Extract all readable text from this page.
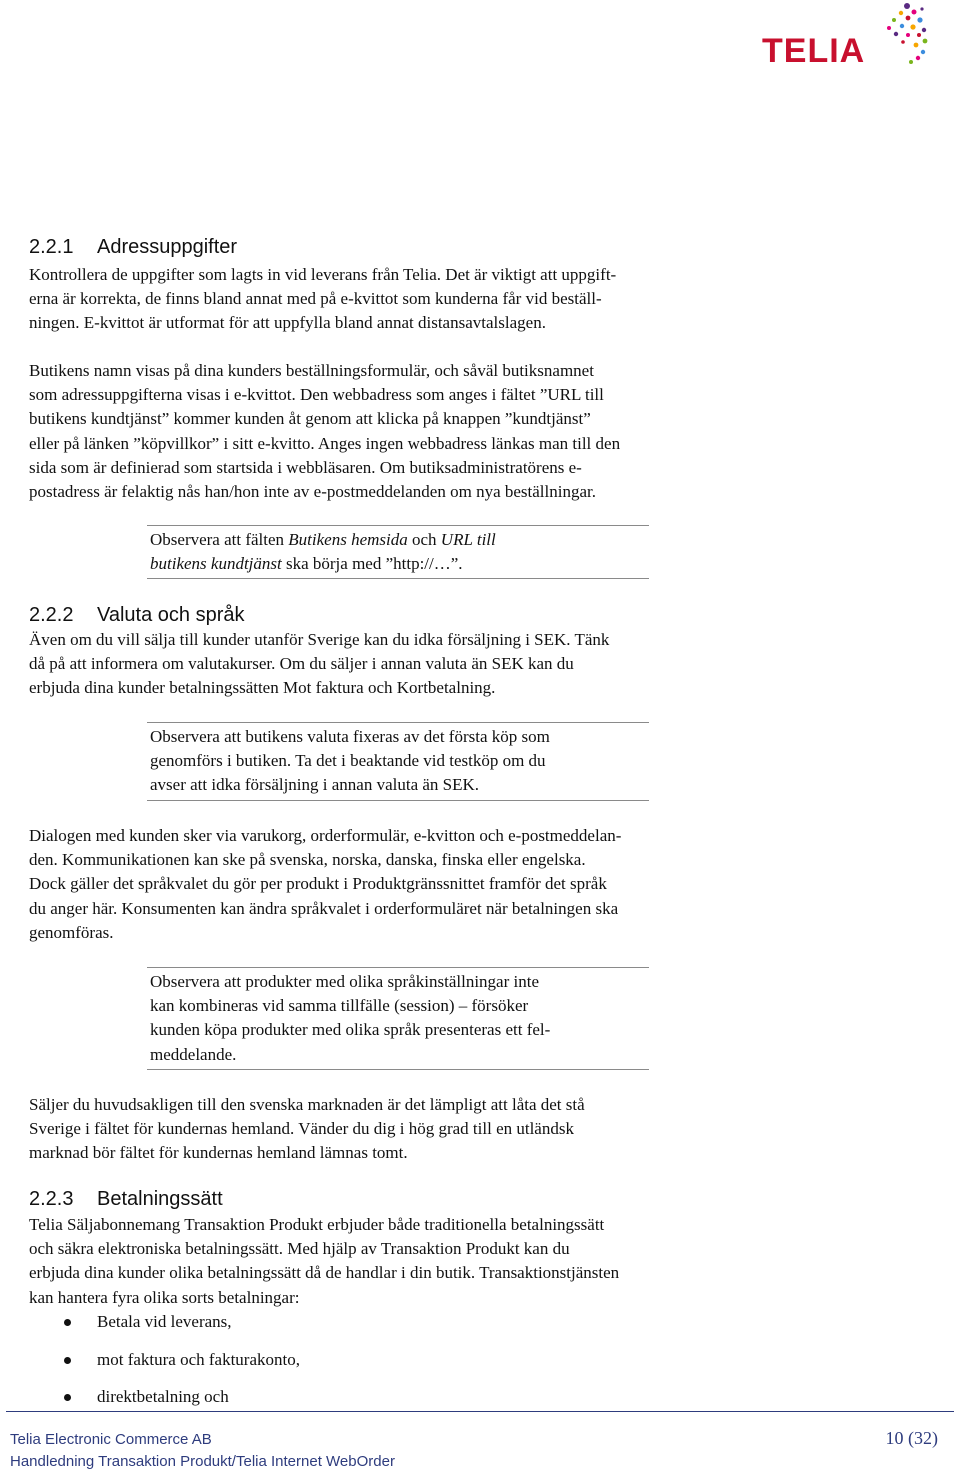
TELIA
2.2.1 Adressuppgifter
Kontrollera de uppgifter som lagts in vid leverans från Telia. Det är viktigt att uppgift-
erna är korrekta, de finns bland annat med på e-kvittot som kunderna får vid beställ-
ningen. E-kvittot är utformat för att uppfylla bland annat distansavtalslagen.
Butikens namn visas på dina kunders beställningsformulär, och såväl butiksnamnet
som adressuppgifterna visas i e-kvittot. Den webbadress som anges i fältet ”URL till
butikens kundtjänst” kommer kunden åt genom att klicka på knappen ”kundtjänst”
eller på länken ”köpvillkor” i sitt e-kvitto. Anges ingen webbadress länkas man till den
sida som är definierad som startsida i webbläsaren. Om butiksadministratörens e-
postadress är felaktig nås han/hon inte av e-postmeddelanden om nya beställningar.
Observera att fälten Butikens hemsida och URL till
butikens kundtjänst ska börja med ”http://…”.
2.2.2 Valuta och språk
Även om du vill sälja till kunder utanför Sverige kan du idka försäljning i SEK. Tänk
då på att informera om valutakurser. Om du säljer i annan valuta än SEK kan du
erbjuda dina kunder betalningssätten Mot faktura och Kortbetalning.
Observera att butikens valuta fixeras av det första köp som
genomförs i butiken. Ta det i beaktande vid testköp om du
avser att idka försäljning i annan valuta än SEK.
Dialogen med kunden sker via varukorg, orderformulär, e-kvitton och e-postmeddelan-
den. Kommunikationen kan ske på svenska, norska, danska, finska eller engelska.
Dock gäller det språkvalet du gör per produkt i Produktgränssnittet framför det språk
du anger här. Konsumenten kan ändra språkvalet i orderformuläret när betalningen ska
genomföras.
Observera att produkter med olika språkinställningar inte
kan kombineras vid samma tillfälle (session) – försöker
kunden köpa produkter med olika språk presenteras ett fel-
meddelande.
Säljer du huvudsakligen till den svenska marknaden är det lämpligt att låta det stå
Sverige i fältet för kundernas hemland. Vänder du dig i hög grad till en utländsk
marknad bör fältet för kundernas hemland lämnas tomt.
2.2.3 Betalningssätt
Telia Säljabonnemang Transaktion Produkt erbjuder både traditionella betalningssätt
och säkra elektroniska betalningssätt. Med hjälp av Transaktion Produkt kan du
erbjuda dina kunder olika betalningssätt då de handlar i din butik. Transaktionstjänsten
kan hantera fyra olika sorts betalningar:
Betala vid leverans,
mot faktura och fakturakonto,
direktbetalning och
Telia Electronic Commerce AB
Handledning Transaktion Produkt/Telia Internet WebOrder
10 (32)
